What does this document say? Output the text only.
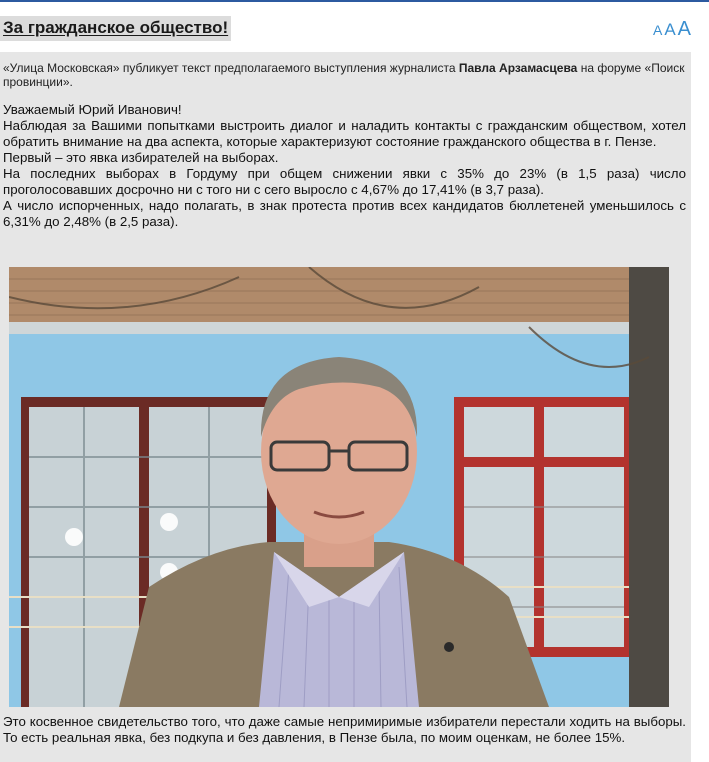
За гражданское общество!	A A A
«Улица Московская» публикует текст предполагаемого выступления журналиста Павла Арзамасцева на форуме «Поиск провинции».

Уважаемый Юрий Иванович!

Наблюдая за Вашими попытками выстроить диалог и наладить контакты с гражданским обществом, хотел обратить внимание на два аспекта, которые характеризуют состояние гражданского общества в г. Пензе.

Первый – это явка избирателей на выборах.

На последних выборах в Гордуму при общем снижении явки с 35% до 23% (в 1,5 раза) число проголосовавших досрочно ни с того ни с сего выросло с 4,67% до 17,41% (в 3,7 раза).

А число испорченных, надо полагать, в знак протеста против всех кандидатов бюллетеней уменьшилось с 6,31% до 2,48% (в 2,5 раза).

Это косвенное свидетельство того, что даже самые непримиримые избиратели перестали ходить на выборы. То есть реальная явка, без подкупа и без давления, в Пензе была, по моим оценкам, не более 15%.
